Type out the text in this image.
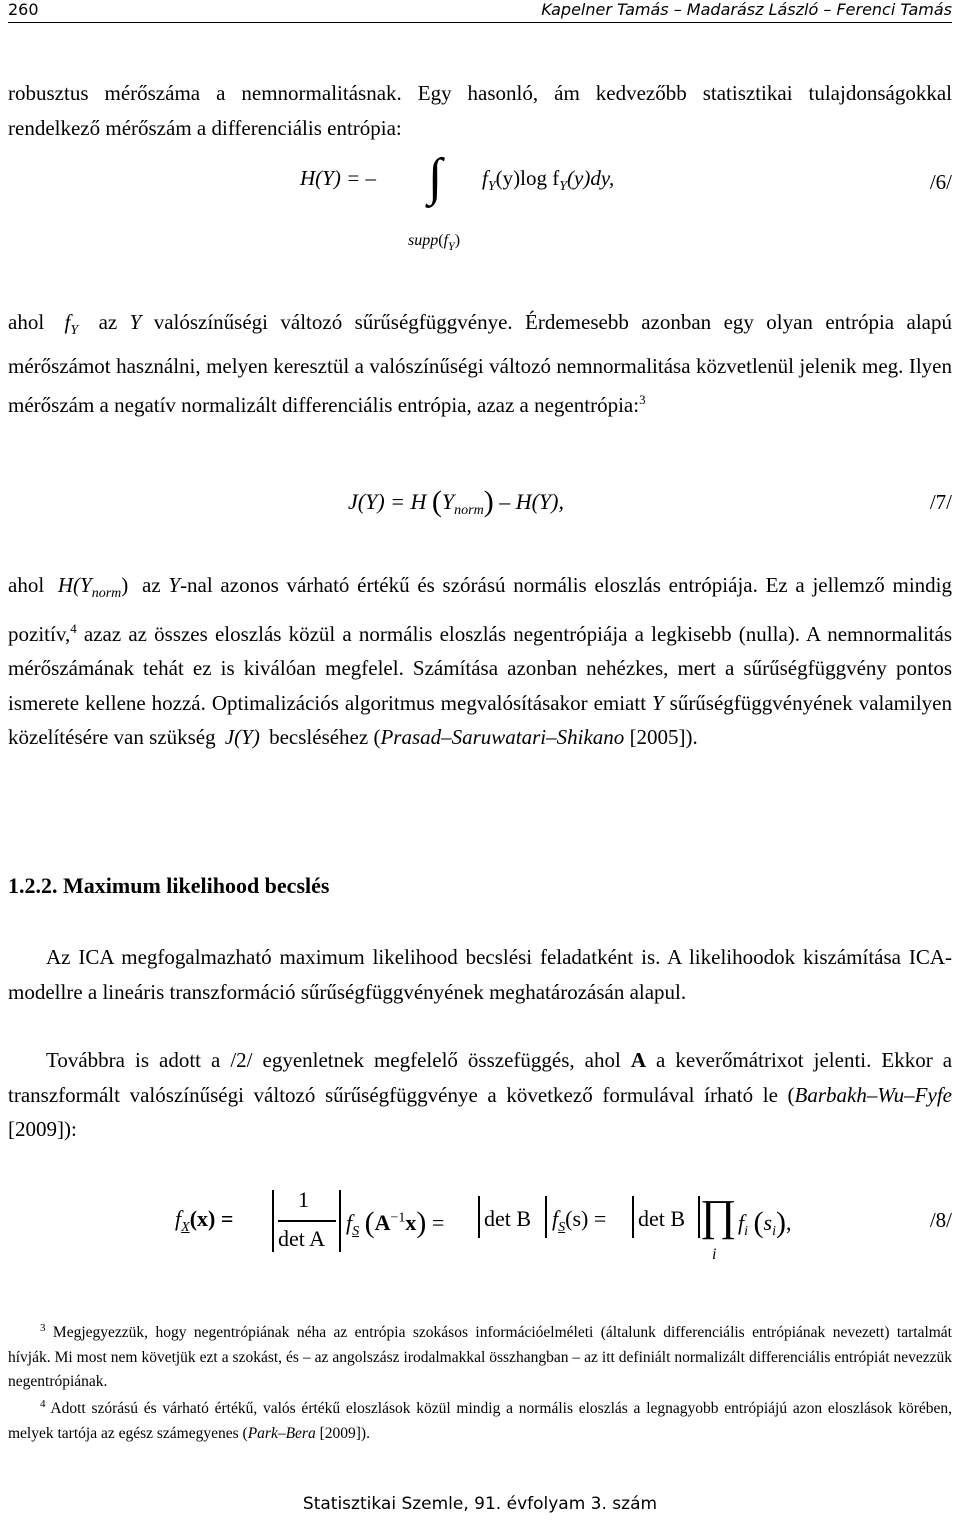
260	Kapelner Tamás – Madarász László – Ferenci Tamás
robusztus mérőszáma a nemnormalitásnak. Egy hasonló, ám kedvezőbb statisztikai tulajdonságokkal rendelkező mérőszám a differenciális entrópia:
H(Y) = – ∫ $f_Y(y)\log$ $f_Y(y)dy$,
$supp(f_Y)$
/6/
ahol $f_Y$ az Y valószínűségi változó sűrűségfüggvénye. Érdemesebb azonban egy olyan entrópia alapú mérőszámot használni, melyen keresztül a valószínűségi változó nemnormalitása közvetlenül jelenik meg. Ilyen mérőszám a negatív normalizált differenciális entrópia, azaz a negentrópia:$^3$
J(Y) = H $(Y_{norm}) - H(Y)$,	/7/
ahol $H(Y_{norm})$ az Y-nal azonos várható értékű és szórású normális eloszlás entrópiája. Ez a jellemző mindig pozitív,$^4$ azaz az összes eloszlás közül a normális eloszlás negentrópiája a legkisebb (nulla). A nemnormalitás mérőszámának tehát ez is kiválóan megfelel. Számítása azonban nehézkes, mert a sűrűségfüggvény pontos ismerete kellene hozzá. Optimalizációs algoritmus megvalósításakor emiatt Y sűrűségfüggvényének valamilyen közelítésére van szükség J(Y) becsléséhez (Prasad–Saruwatari–Shikano [2005]).
1.2.2. Maximum likelihood becslés
Az ICA megfogalmazható maximum likelihood becslési feladatként is. A likelihoodok kiszámítása ICA-modellre a lineáris transzformáció sűrűségfüggvényének meghatározásán alapul.
Továbbra is adott a /2/ egyenletnek megfelelő összefüggés, ahol A a keverőmátrixot jelenti. Ekkor a transzformált valószínűségi változó sűrűségfüggvénye a következő formulával írható le (Barbakh–Wu–Fyfe [2009]):
$f_X(x)$ =
1
det A
$f_S$ $(A^{-1}x) = \det B$ $f_S(s) = \det B$ ∏
i
$f_i$ $(s_i)$,	/8/
$^3$ Megjegyezzük, hogy negentrópiának néha az entrópia szokásos információelméleti (általunk differenciális entrópiának nevezett) tartalmát hívják. Mi most nem követjük ezt a szokást, és – az angolszász irodalmakkal összhangban – az itt definiált normalizált differenciális entrópiát nevezzük negentrópiának.
$^4$ Adott szórású és várható értékű, valós értékű eloszlások közül mindig a normális eloszlás a legnagyobb entrópiájú azon eloszlások körében, melyek tartója az egész számegyenes (Park–Bera [2009]).
Statisztikai Szemle, 91. évfolyam 3. szám
